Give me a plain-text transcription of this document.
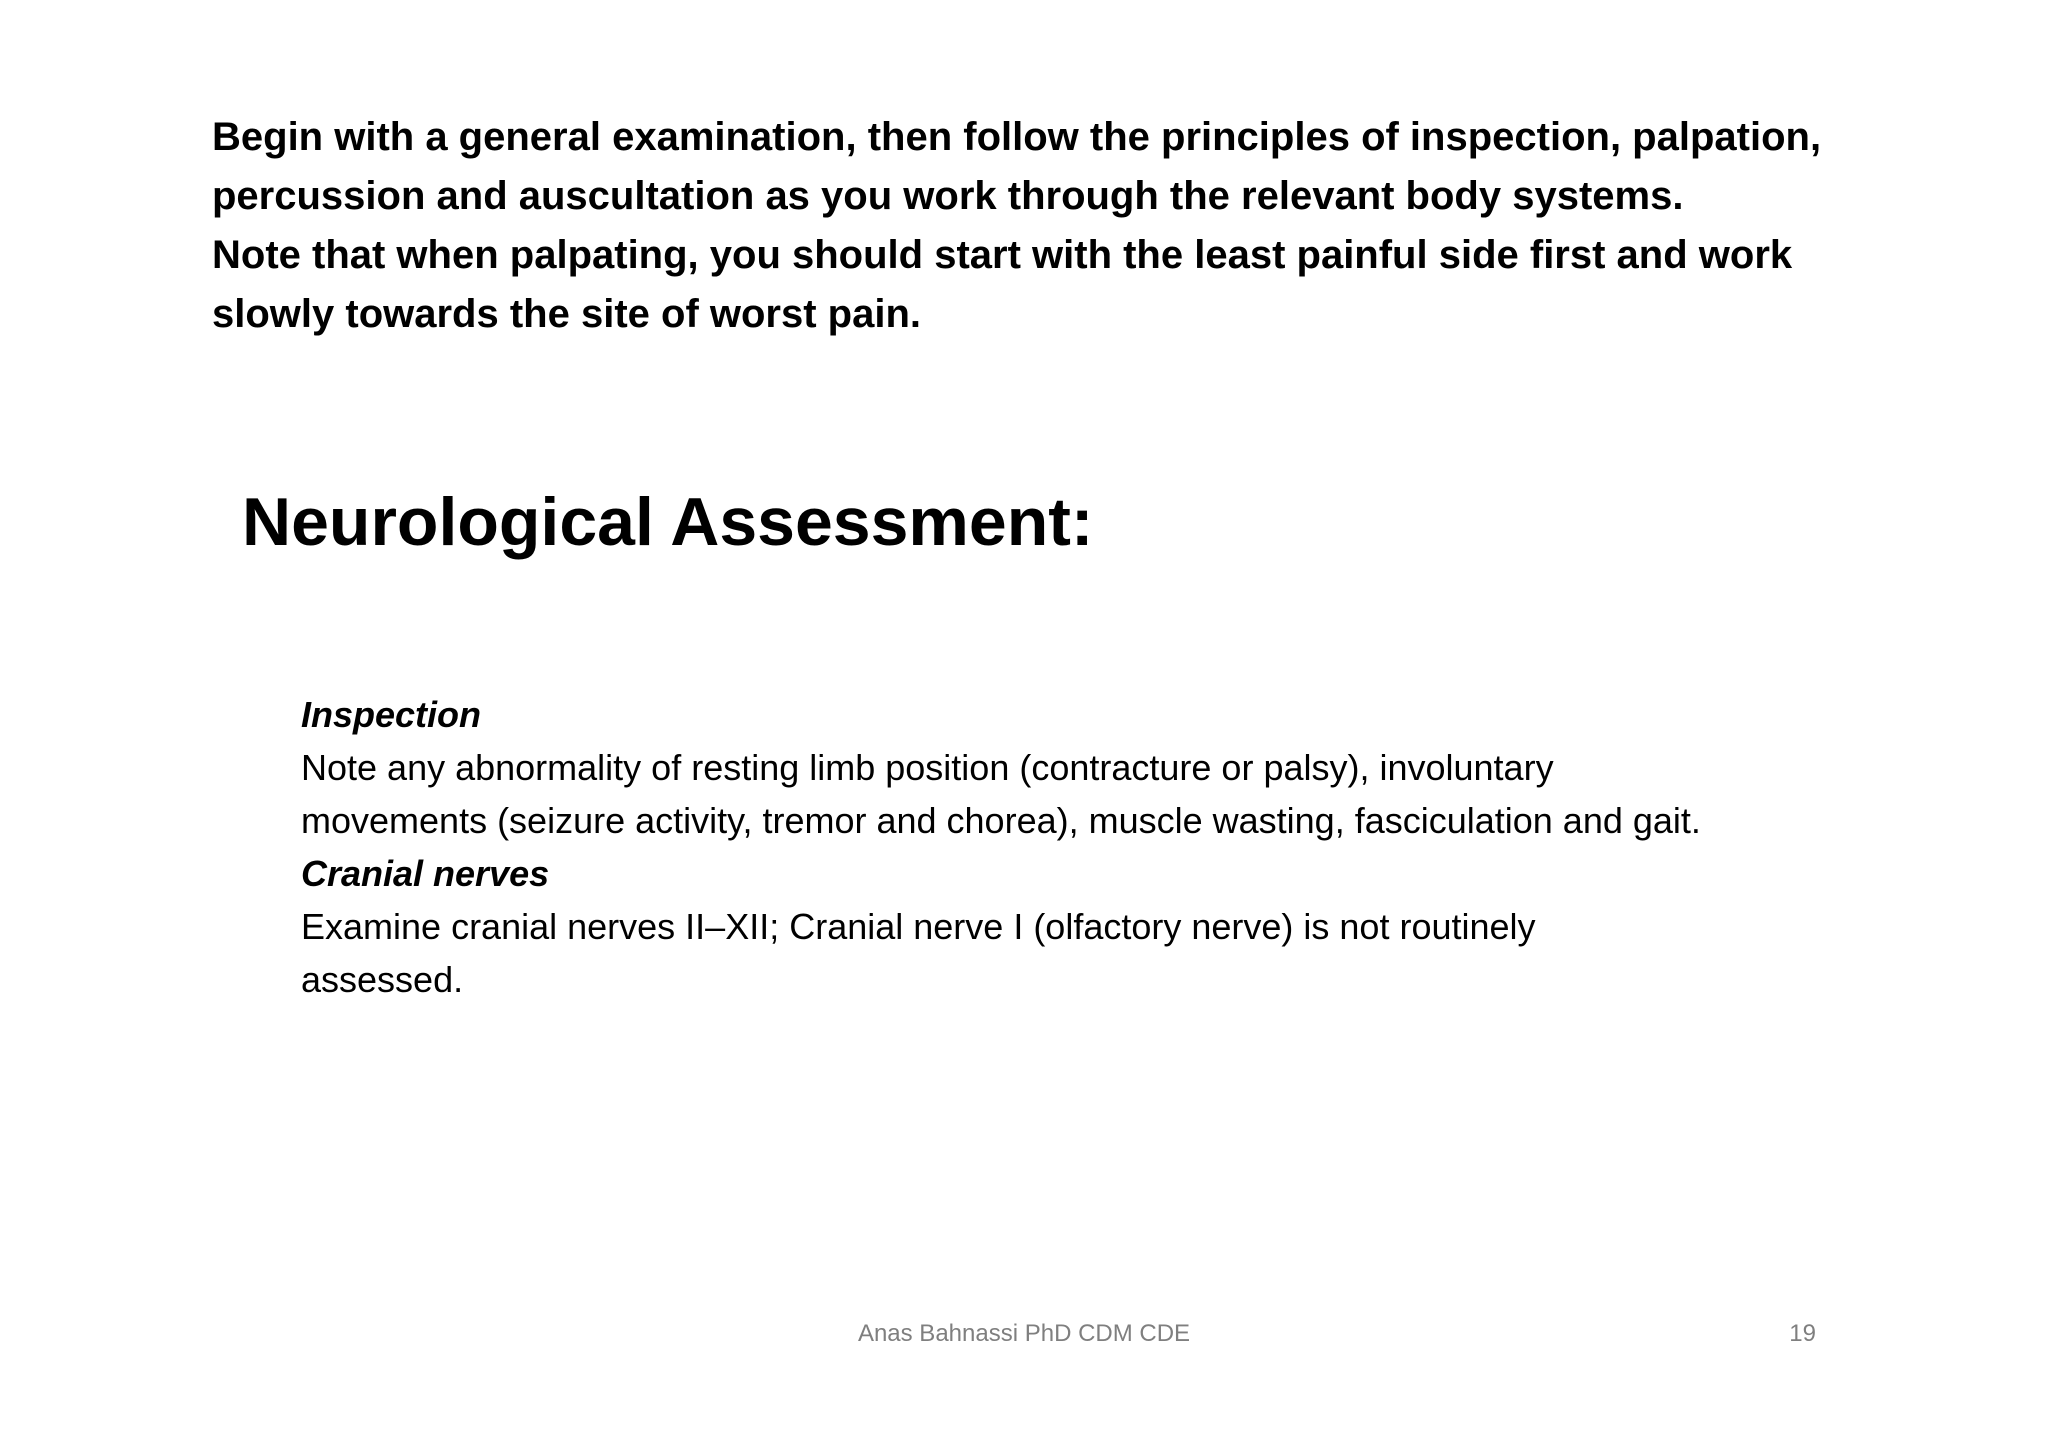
Begin with a general examination, then follow the principles of inspection, palpation, percussion and auscultation as you work through the relevant body systems.

Note that when palpating, you should start with the least painful side first and work slowly towards the site of worst pain.

Neurological Assessment:

Inspection

Note any abnormality of resting limb position (contracture or palsy), involuntary movements (seizure activity, tremor and chorea), muscle wasting, fasciculation and gait.

Cranial nerves

Examine cranial nerves II–XII; Cranial nerve I (olfactory nerve) is not routinely assessed.

Anas Bahnassi PhD CDM CDE	19
